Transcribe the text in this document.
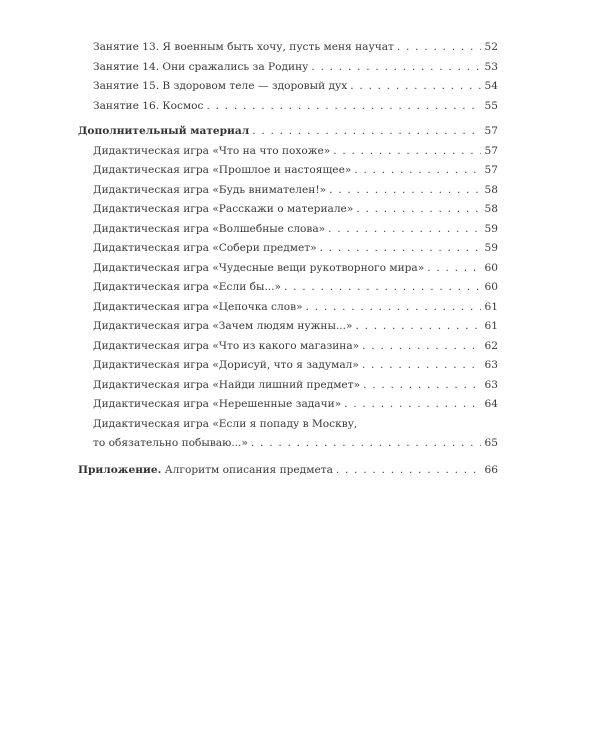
Занятие 13. Я военным быть хочу, пусть меня научат . . .	52
Занятие 14. Они сражались за Родину . . .	53
Занятие 15. В здоровом теле — здоровый дух . . .	54
Занятие 16. Космос . . .	55
Дополнительный материал . . .	57
Дидактическая игра «Что на что похоже» . . .	57
Дидактическая игра «Прошлое и настоящее» . . .	57
Дидактическая игра «Будь внимателен!» . . .	58
Дидактическая игра «Расскажи о материале» . . .	58
Дидактическая игра «Волшебные слова» . . .	59
Дидактическая игра «Собери предмет» . . .	59
Дидактическая игра «Чудесные вещи рукотворного мира» . . .	60
Дидактическая игра «Если бы...» . . .	60
Дидактическая игра «Цепочка слов» . . .	61
Дидактическая игра «Зачем людям нужны...» . . .	61
Дидактическая игра «Что из какого магазина» . . .	62
Дидактическая игра «Дорисуй, что я задумал» . . .	63
Дидактическая игра «Найди лишний предмет» . . .	63
Дидактическая игра «Нерешенные задачи» . . .	64
Дидактическая игра «Если я попаду в Москву,
то обязательно побываю...» . . .	65
Приложение. Алгоритм описания предмета . . .	66
